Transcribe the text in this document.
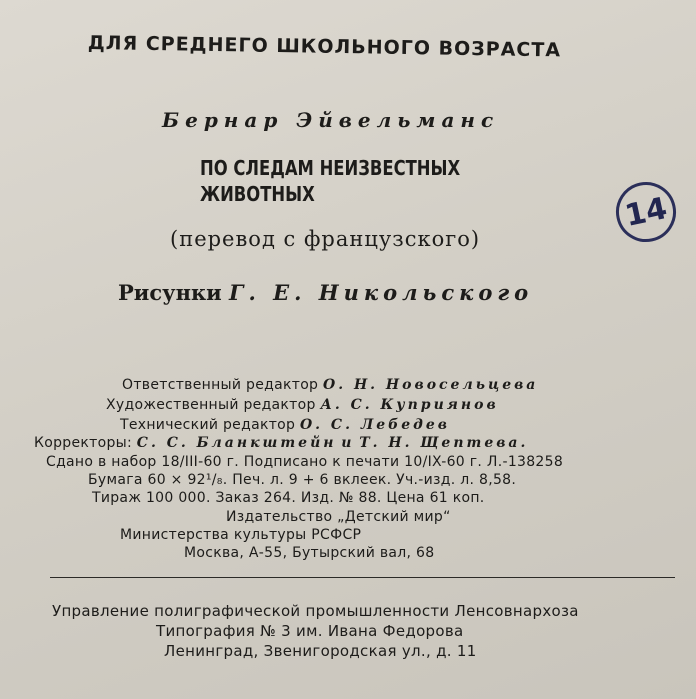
ДЛЯ СРЕДНЕГО ШКОЛЬНОГО ВОЗРАСТА

Бернар Эйвельманс

ПО СЛЕДАМ НЕИЗВЕСТНЫХ
ЖИВОТНЫХ

(перевод с французского)

Рисунки Г. Е. Никольского

14

Ответственный редактор О. Н. Новосельцева

Художественный редактор А. С. Куприянов

Технический редактор О. С. Лебедев

Корректоры: С. С. Бланкштейн и Т. Н. Щептева.

Сдано в набор 18/III-60 г. Подписано к печати 10/IX-60 г. Л.-138258

Бумага 60 × 92¹/₈. Печ. л. 9 + 6 вклеек. Уч.-изд. л. 8,58.

Тираж 100 000. Заказ 264. Изд. № 88. Цена 61 коп.

Издательство „Детский мир“

Министерства культуры РСФСР

Москва, А-55, Бутырский вал, 68

Управление полиграфической промышленности Ленсовнархоза

Типография № 3 им. Ивана Федорова

Ленинград, Звенигородская ул., д. 11
